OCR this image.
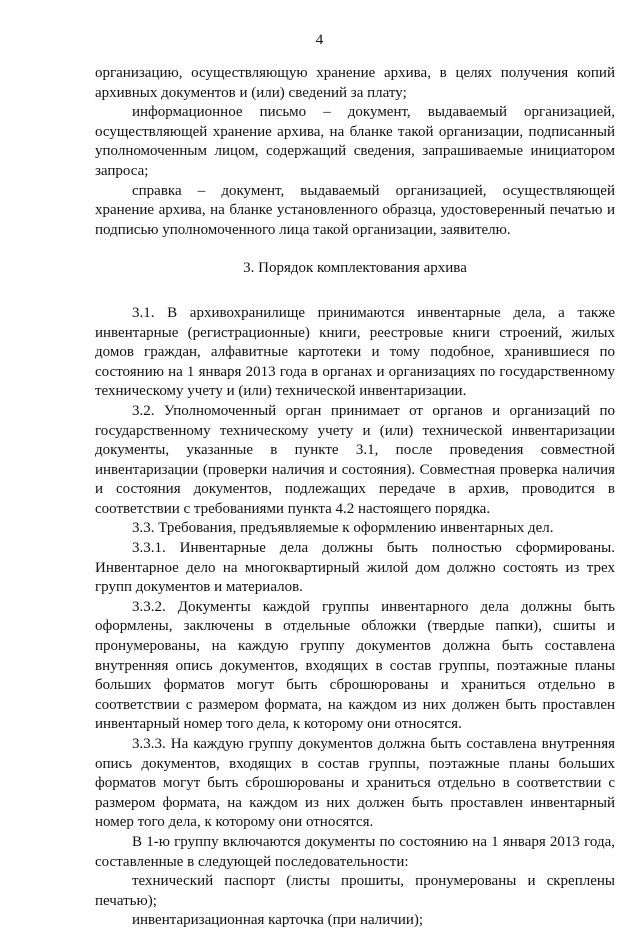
4

организацию, осуществляющую хранение архива, в целях получения копий архивных документов и (или) сведений за плату;

информационное письмо – документ, выдаваемый организацией, осуществляющей хранение архива, на бланке такой организации, подписанный уполномоченным лицом, содержащий сведения, запрашиваемые инициатором запроса;

справка – документ, выдаваемый организацией, осуществляющей хранение архива, на бланке установленного образца, удостоверенный печатью и подписью уполномоченного лица такой организации, заявителю.

3. Порядок комплектования архива

3.1. В архивохранилище принимаются инвентарные дела, а также инвентарные (регистрационные) книги, реестровые книги строений, жилых домов граждан, алфавитные картотеки и тому подобное, хранившиеся по состоянию на 1 января 2013 года в органах и организациях по государственному техническому учету и (или) технической инвентаризации.

3.2. Уполномоченный орган принимает от органов и организаций по государственному техническому учету и (или) технической инвентаризации документы, указанные в пункте 3.1, после проведения совместной инвентаризации (проверки наличия и состояния). Совместная проверка наличия и состояния документов, подлежащих передаче в архив, проводится в соответствии с требованиями пункта 4.2 настоящего порядка.

3.3. Требования, предъявляемые к оформлению инвентарных дел.

3.3.1. Инвентарные дела должны быть полностью сформированы. Инвентарное дело на многоквартирный жилой дом должно состоять из трех групп документов и материалов.

3.3.2. Документы каждой группы инвентарного дела должны быть оформлены, заключены в отдельные обложки (твердые папки), сшиты и пронумерованы, на каждую группу документов должна быть составлена внутренняя опись документов, входящих в состав группы, поэтажные планы больших форматов могут быть сброшюрованы и храниться отдельно в соответствии с размером формата, на каждом из них должен быть проставлен инвентарный номер того дела, к которому они относятся.

3.3.3. На каждую группу документов должна быть составлена внутренняя опись документов, входящих в состав группы, поэтажные планы больших форматов могут быть сброшюрованы и храниться отдельно в соответствии с размером формата, на каждом из них должен быть проставлен инвентарный номер того дела, к которому они относятся.

В 1-ю группу включаются документы по состоянию на 1 января 2013 года, составленные в следующей последовательности:

технический паспорт (листы прошиты, пронумерованы и скреплены печатью);

инвентаризационная карточка (при наличии);
